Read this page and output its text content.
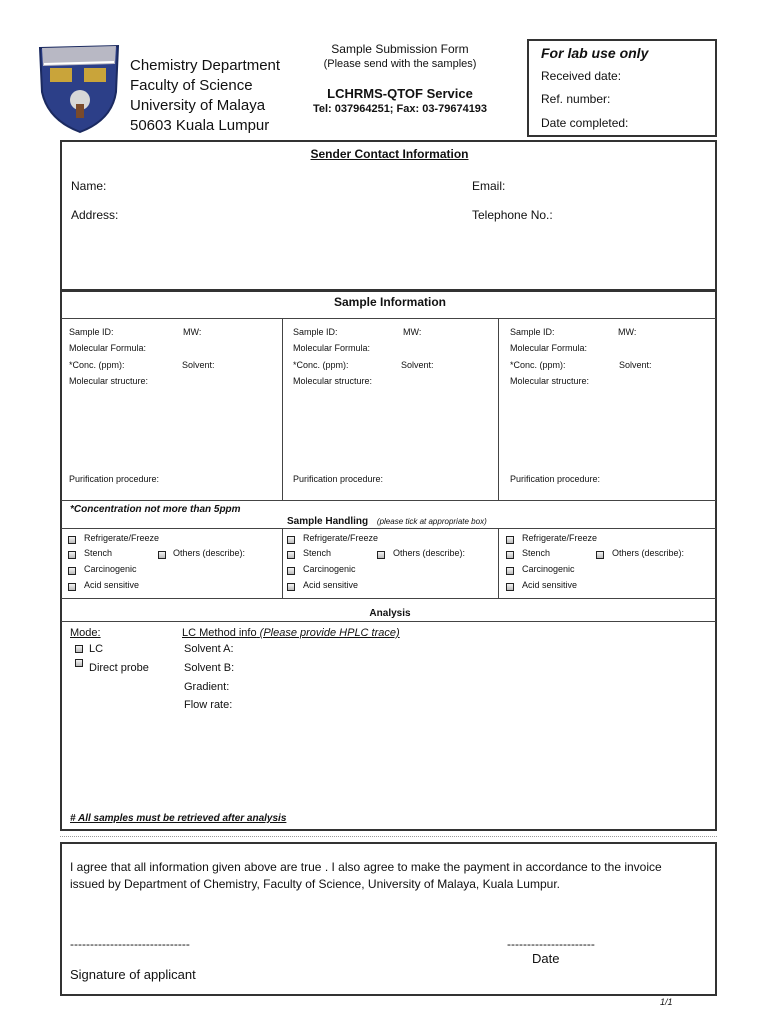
Chemistry Department
Faculty of Science
University of Malaya
50603 Kuala Lumpur
Sample Submission Form
(Please send with the samples)
LCHRMS-QTOF Service
Tel: 037964251; Fax: 03-79674193
For lab use only
Received date:
Ref. number:
Date completed:
Sender Contact Information
Name:	Email:
Address:	Telephone No.:
Sample Information
Sample ID:	MW:
Molecular Formula:
*Conc. (ppm):	Solvent:
Molecular structure:
Purification procedure:
Sample ID:	MW:
Molecular Formula:
*Conc. (ppm):	Solvent:
Molecular structure:
Purification procedure:
Sample ID:	MW:
Molecular Formula:
*Conc. (ppm):	Solvent:
Molecular structure:
Purification procedure:
*Concentration not more than 5ppm
Sample Handling (please tick at appropriate box)
Refrigerate/Freeze
Stench	Others (describe):
Carcinogenic
Acid sensitive
Refrigerate/Freeze
Stench	Others (describe):
Carcinogenic
Acid sensitive
Refrigerate/Freeze
Stench	Others (describe):
Carcinogenic
Acid sensitive
Analysis
Mode:
LC
Direct probe
LC Method info (Please provide HPLC trace)
Solvent A:
Solvent B:
Gradient:
Flow rate:
# All samples must be retrieved after analysis
I agree that all information given above are true . I also agree to make the payment in accordance to the invoice
issued by Department of Chemistry, Faculty of Science, University of Malaya, Kuala Lumpur.
------------------------------	----------------------
Date
Signature of applicant
1/1
